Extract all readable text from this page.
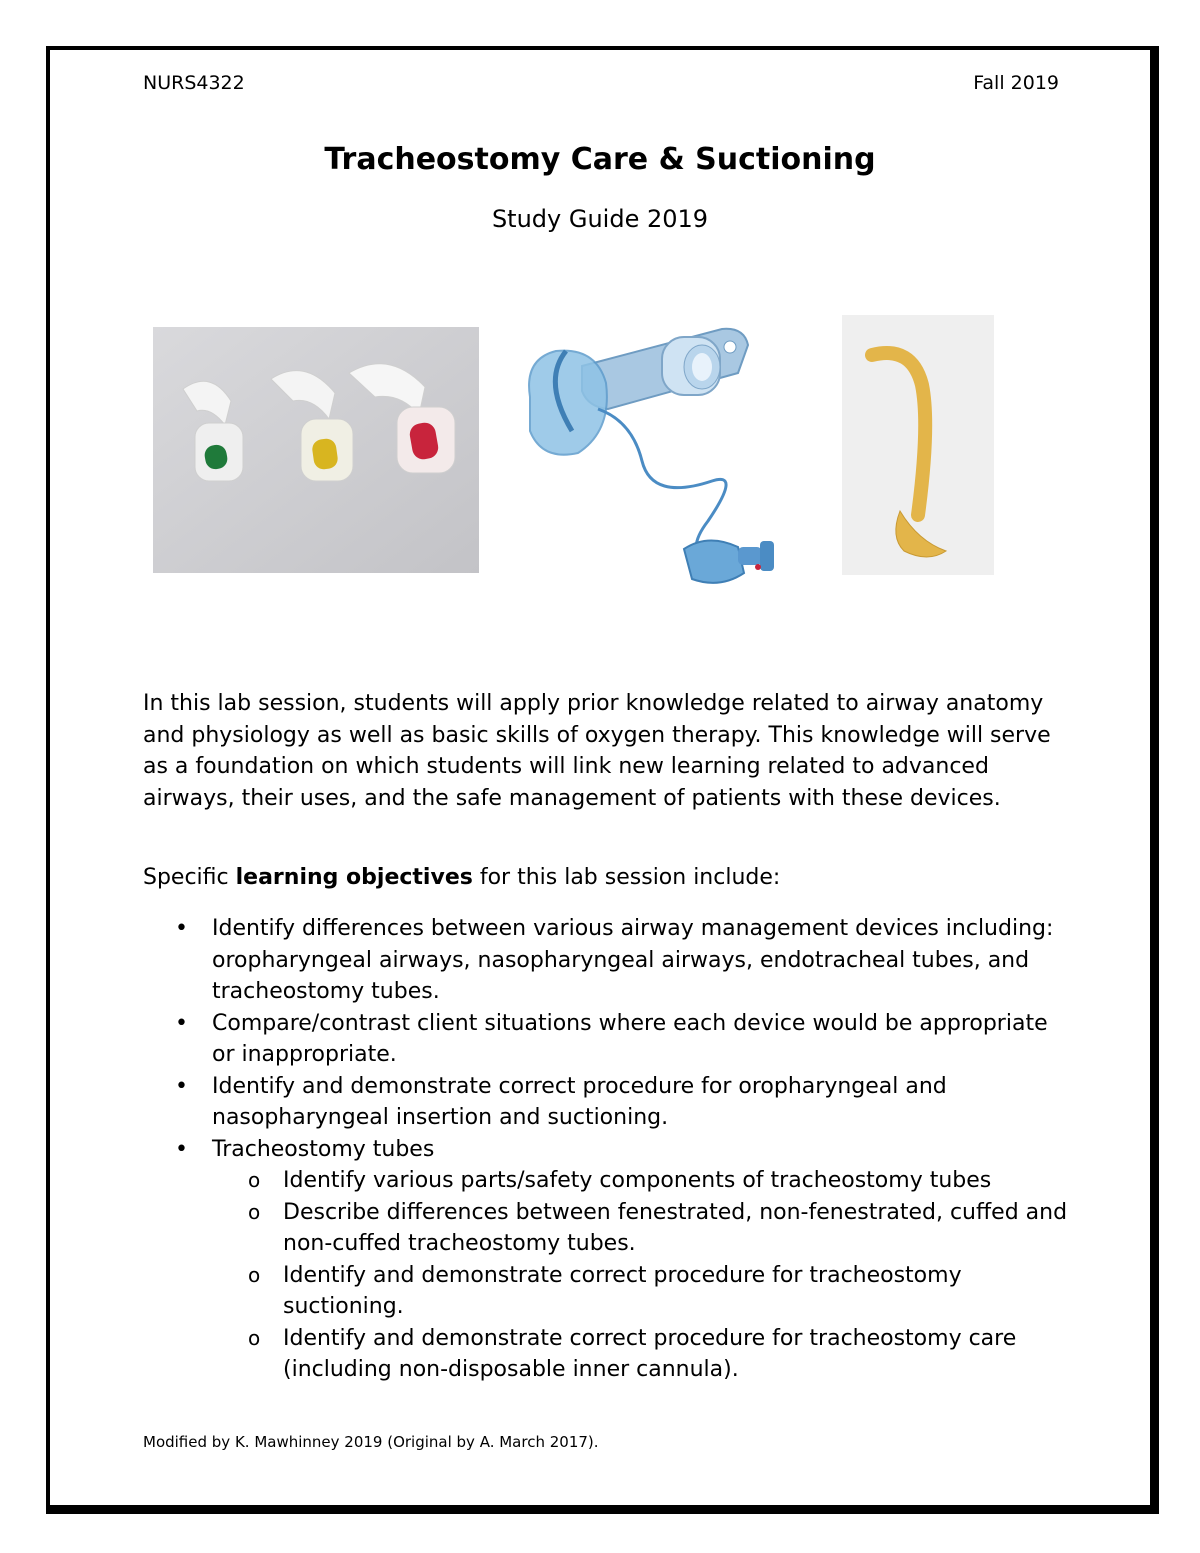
NURS4322	Fall 2019
Tracheostomy Care & Suctioning
Study Guide 2019
In this lab session, students will apply prior knowledge related to airway anatomy and physiology as well as basic skills of oxygen therapy. This knowledge will serve as a foundation on which students will link new learning related to advanced airways, their uses, and the safe management of patients with these devices.
Specific learning objectives for this lab session include:
• Identify differences between various airway management devices including: oropharyngeal airways, nasopharyngeal airways, endotracheal tubes, and tracheostomy tubes.
• Compare/contrast client situations where each device would be appropriate or inappropriate.
• Identify and demonstrate correct procedure for oropharyngeal and nasopharyngeal insertion and suctioning.
• Tracheostomy tubes
o Identify various parts/safety components of tracheostomy tubes
o Describe differences between fenestrated, non-fenestrated, cuffed and non-cuffed tracheostomy tubes.
o Identify and demonstrate correct procedure for tracheostomy suctioning.
o Identify and demonstrate correct procedure for tracheostomy care (including non-disposable inner cannula).
Modified by K. Mawhinney 2019 (Original by A. March 2017).
